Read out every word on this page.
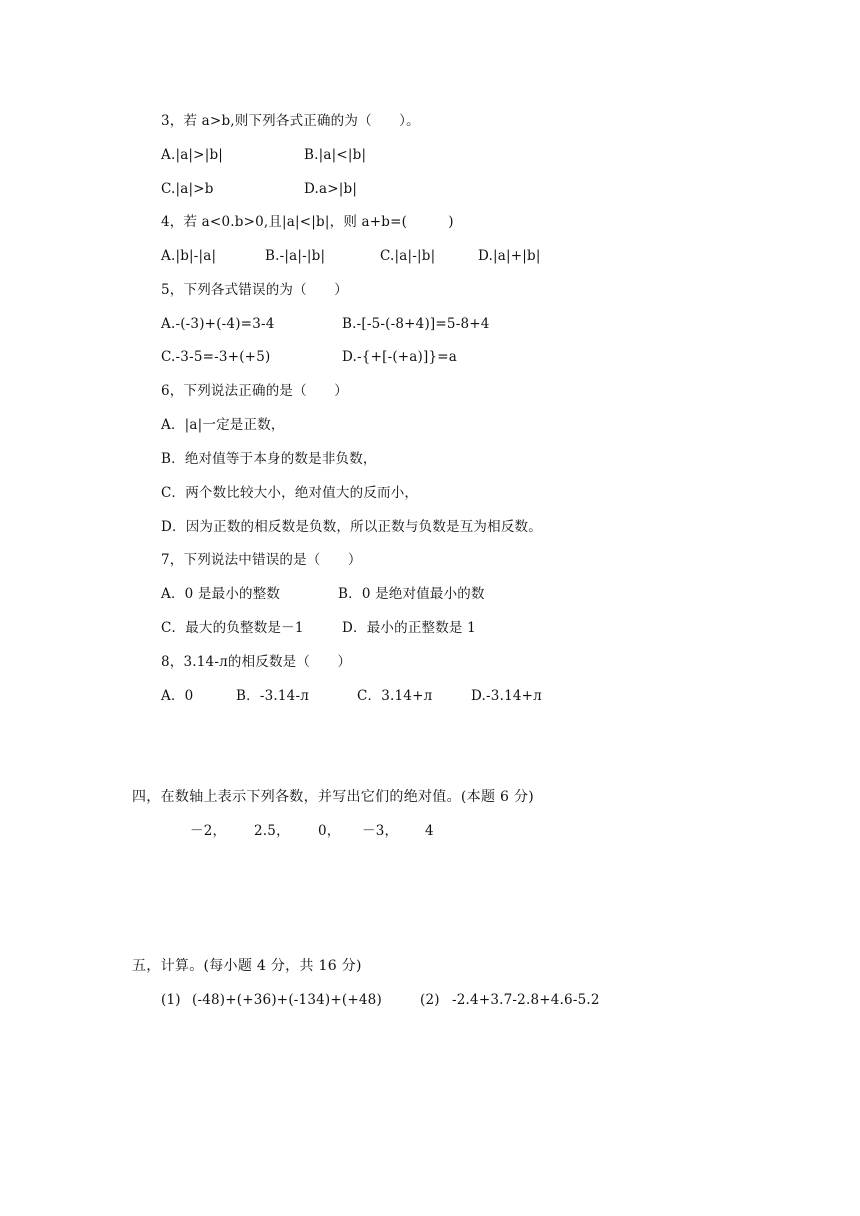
3，若 a>b,则下列各式正确的为（　　）。
A.|a|>|b|	B.|a|<|b|
C.|a|>b	D.a>|b|
4，若 a<0.b>0,且|a|<|b|，则 a+b=(　　　)
A.|b|-|a|	B.-|a|-|b|	C.|a|-|b|	D.|a|+|b|
5，下列各式错误的为（　　）
A.-(-3)+(-4)=3-4	B.-[-5-(-8+4)]=5-8+4
C.-3-5=-3+(+5)	D.-{+[-(+a)]}=a
6，下列说法正确的是（　　）
A．|a|一定是正数，
B．绝对值等于本身的数是非负数，
C．两个数比较大小，绝对值大的反而小，
D．因为正数的相反数是负数，所以正数与负数是互为相反数。
7，下列说法中错误的是（　　）
A．0 是最小的整数	B．0 是绝对值最小的数
C．最大的负整数是－1	D．最小的正整数是 1
8，3.14-л的相反数是（　　）
A．0	B．-3.14-л	C．3.14+л	D.-3.14+л
四，在数轴上表示下列各数，并写出它们的绝对值。(本题 6 分)
－2， 2.5， 0， －3， 4
五，计算。(每小题 4 分，共 16 分)
(1) (-48)+(+36)+(-134)+(+48)	(2) -2.4+3.7-2.8+4.6-5.2
